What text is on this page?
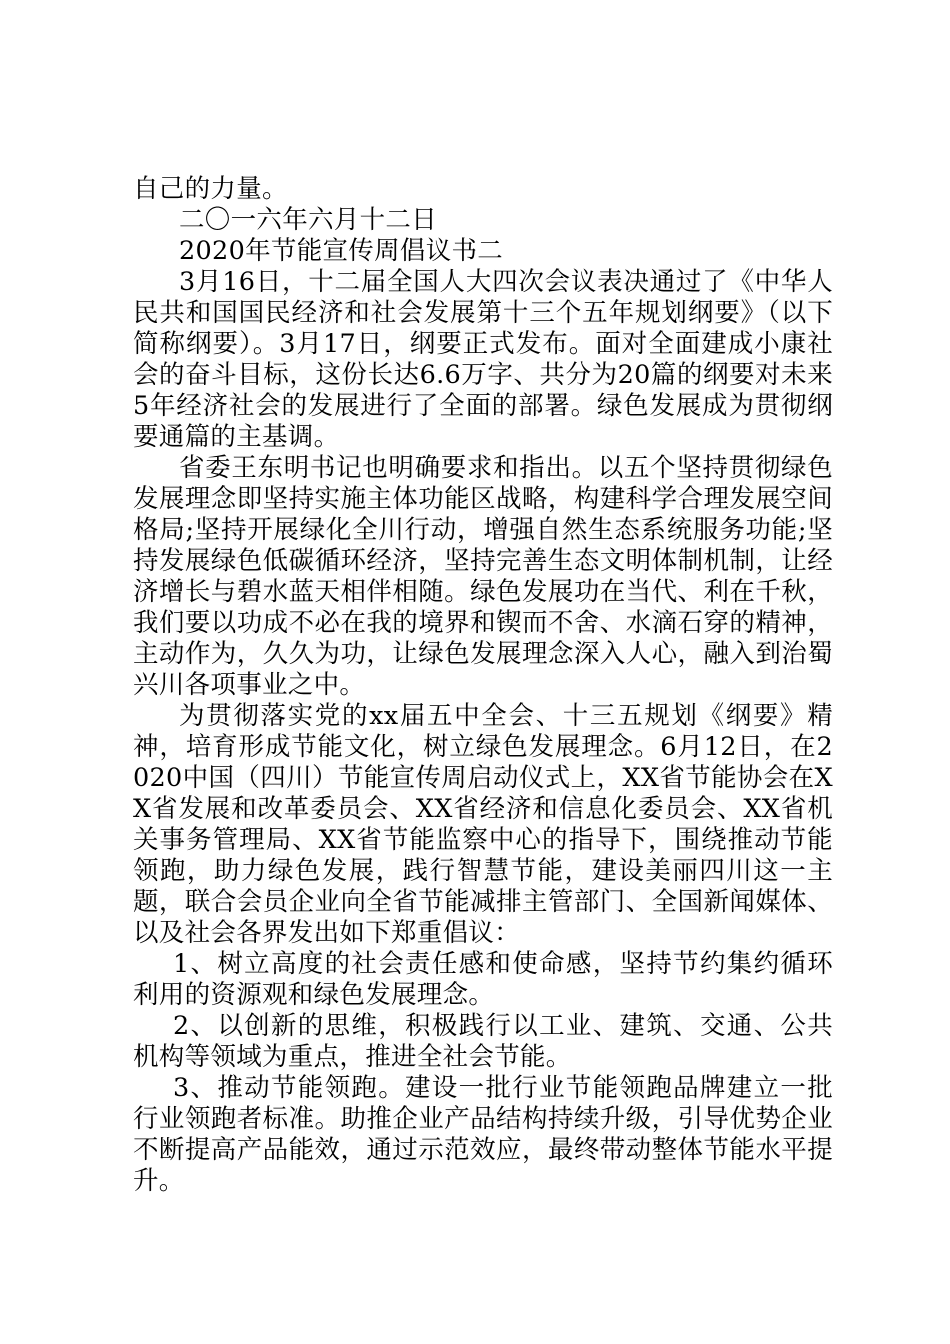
自己的力量。

二〇一六年六月十二日

2020年节能宣传周倡议书二

3月16日，十二届全国人大四次会议表决通过了《中华人民共和国国民经济和社会发展第十三个五年规划纲要》（以下简称纲要）。3月17日，纲要正式发布。面对全面建成小康社会的奋斗目标，这份长达6.6万字、共分为20篇的纲要对未来5年经济社会的发展进行了全面的部署。绿色发展成为贯彻纲要通篇的主基调。

省委王东明书记也明确要求和指出。以五个坚持贯彻绿色发展理念即坚持实施主体功能区战略，构建科学合理发展空间格局;坚持开展绿化全川行动，增强自然生态系统服务功能;坚持发展绿色低碳循环经济，坚持完善生态文明体制机制，让经济增长与碧水蓝天相伴相随。绿色发展功在当代、利在千秋，我们要以功成不必在我的境界和锲而不舍、水滴石穿的精神，主动作为，久久为功，让绿色发展理念深入人心，融入到治蜀兴川各项事业之中。

为贯彻落实党的xx届五中全会、十三五规划《纲要》精神，培育形成节能文化，树立绿色发展理念。6月12日，在2020中国（四川）节能宣传周启动仪式上，XX省节能协会在XX省发展和改革委员会、XX省经济和信息化委员会、XX省机关事务管理局、XX省节能监察中心的指导下，围绕推动节能领跑，助力绿色发展，践行智慧节能，建设美丽四川这一主题，联合会员企业向全省节能减排主管部门、全国新闻媒体、以及社会各界发出如下郑重倡议：

1、树立高度的社会责任感和使命感，坚持节约集约循环利用的资源观和绿色发展理念。

2、以创新的思维，积极践行以工业、建筑、交通、公共机构等领域为重点，推进全社会节能。

3、推动节能领跑。建设一批行业节能领跑品牌建立一批行业领跑者标准。助推企业产品结构持续升级，引导优势企业不断提高产品能效，通过示范效应，最终带动整体节能水平提升。
